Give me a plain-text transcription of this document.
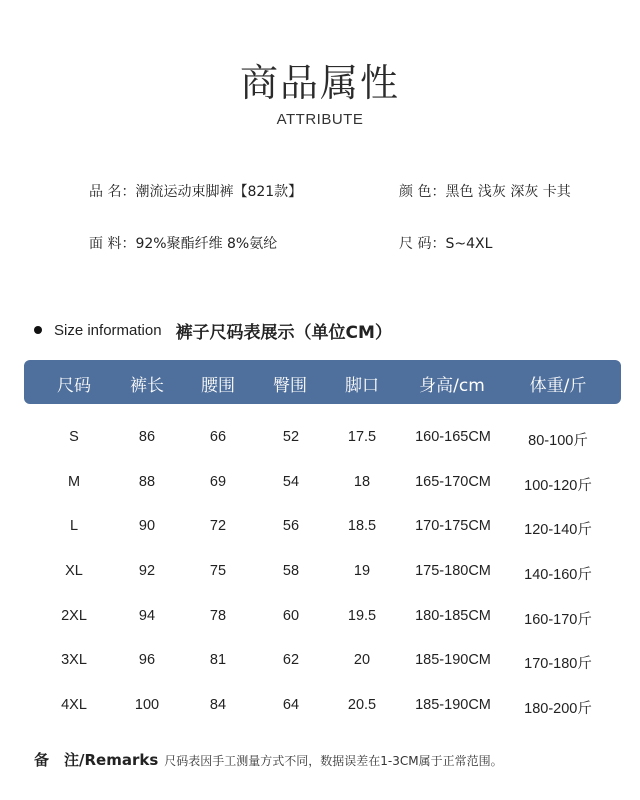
商品属性
ATTRIBUTE
品 名：潮流运动束脚裤【821款】	颜 色：黑色 浅灰 深灰 卡其
面 料：92%聚酯纤维 8%氨纶	尺 码：S~4XL
Size information 裤子尺码表展示（单位CM）
尺码 裤长 腰围 臀围 脚口 身高/cm	体重/斤
S	86	66	52	17.5	160-165CM	80-100斤
M	88	69	54	18	165-170CM 100-120斤
L	90	72	56	18.5	170-175CM 120-140斤
XL	92	75	58	19	175-180CM 140-160斤
2XL	94	78	60	19.5	180-185CM 160-170斤
3XL	96	81	62	20	185-190CM 170-180斤
4XL	100	84	64	20.5	185-190CM 180-200斤
备　注/Remarks 尺码表因手工测量方式不同，数据误差在1-3CM属于正常范围。
